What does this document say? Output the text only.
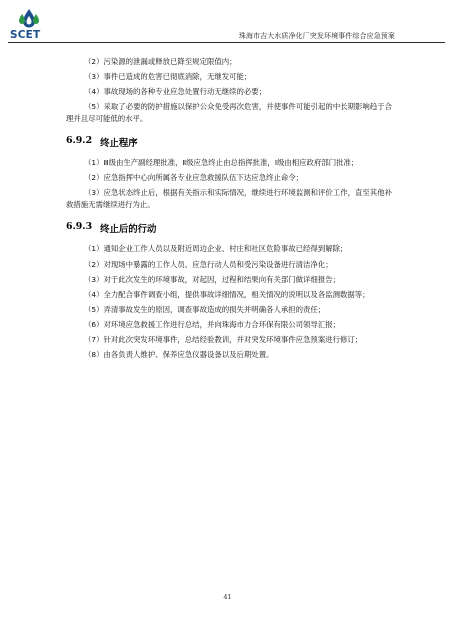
SCET	珠海市吉大水质净化厂突发环境事件综合应急预案

（2）污染源的泄漏或释放已降至规定限值内；

（3）事件已造成的危害已彻底消除，无继发可能；

（4）事故现场的各种专业应急处置行动无继续的必要；

（5）采取了必要的防护措施以保护公众免受再次危害，并使事件可能引起的中长期影响趋于合理并且尽可能低的水平。

6.9.2 终止程序

（1）Ⅲ级由生产副经理批准，Ⅱ级应急终止由总指挥批准，Ⅰ级由相应政府部门批准；

（2）应急指挥中心向所属各专业应急救援队伍下达应急终止命令；

（3）应急状态终止后，根据有关指示和实际情况，继续进行环境监测和评价工作，直至其他补救措施无需继续进行为止。

6.9.3 终止后的行动

（1）通知企业工作人员以及附近周边企业、村庄和社区危险事故已经得到解除；

（2）对现场中暴露的工作人员、应急行动人员和受污染设备进行清洁净化；

（3）对于此次发生的环境事故，对起因，过程和结果向有关部门做详细报告；

（4）全力配合事件调查小组，提供事故详细情况，相关情况的说明以及各监测数据等；

（5）弄清事故发生的原因，调查事故造成的损失并明确各人承担的责任；

（6）对环境应急救援工作进行总结，并向珠海市力合环保有限公司领导汇报；

（7）针对此次突发环境事件，总结经验教训，并对突发环境事件应急预案进行修订；

（8）由各负责人维护、保养应急仪器设备以及后期处置。

41
